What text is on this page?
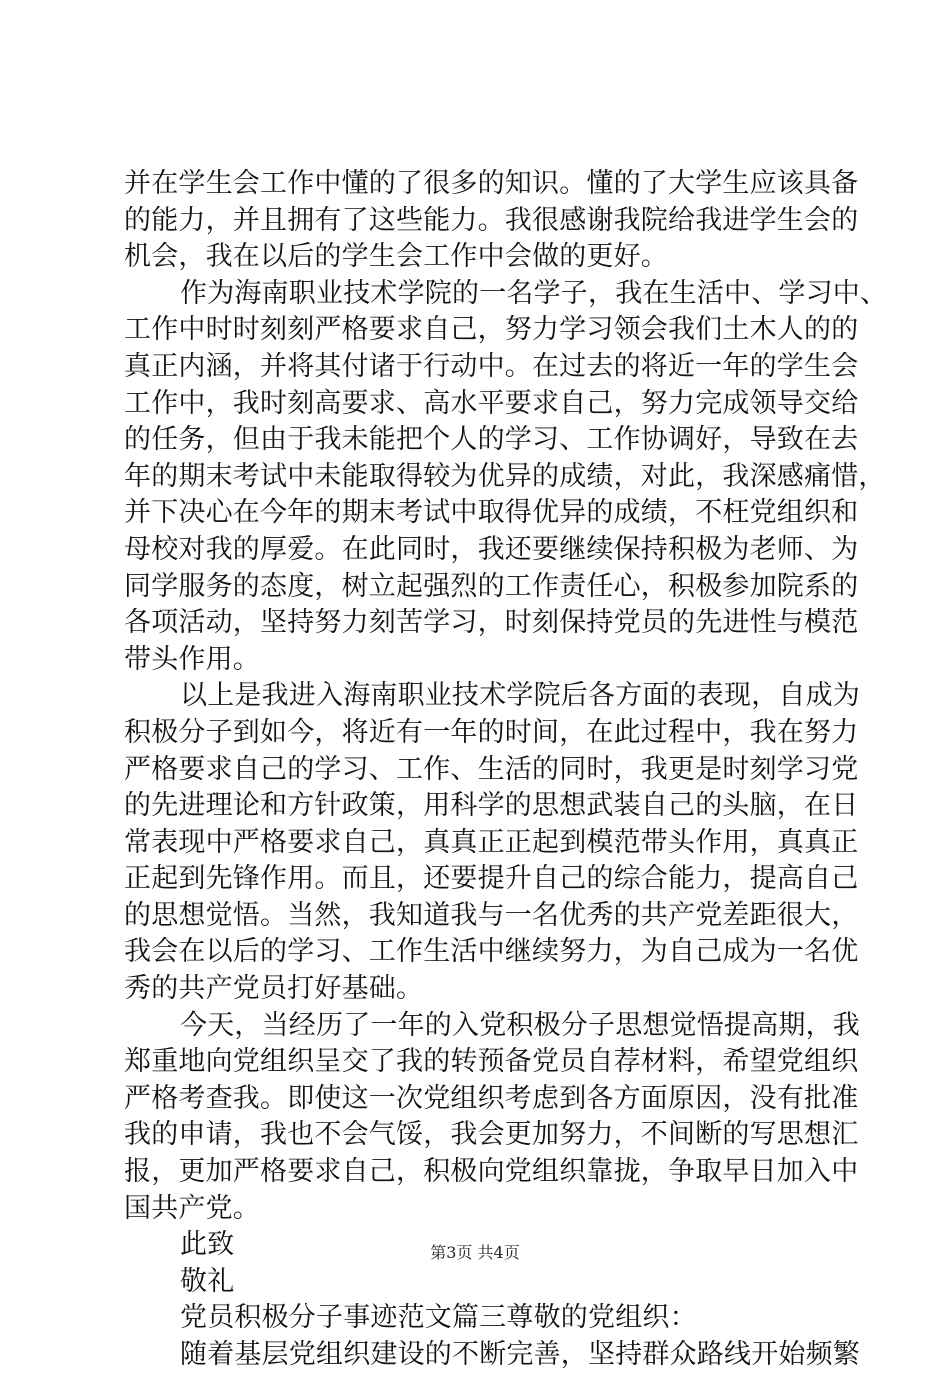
并在学生会工作中懂的了很多的知识。懂的了大学生应该具备
的能力，并且拥有了这些能力。我很感谢我院给我进学生会的
机会，我在以后的学生会工作中会做的更好。
作为海南职业技术学院的一名学子，我在生活中、学习中、
工作中时时刻刻严格要求自己，努力学习领会我们土木人的的
真正内涵，并将其付诸于行动中。在过去的将近一年的学生会
工作中，我时刻高要求、高水平要求自己，努力完成领导交给
的任务，但由于我未能把个人的学习、工作协调好，导致在去
年的期末考试中未能取得较为优异的成绩，对此，我深感痛惜，
并下决心在今年的期末考试中取得优异的成绩，不枉党组织和
母校对我的厚爱。在此同时，我还要继续保持积极为老师、为
同学服务的态度，树立起强烈的工作责任心，积极参加院系的
各项活动，坚持努力刻苦学习，时刻保持党员的先进性与模范
带头作用。
以上是我进入海南职业技术学院后各方面的表现，自成为
积极分子到如今，将近有一年的时间，在此过程中，我在努力
严格要求自己的学习、工作、生活的同时，我更是时刻学习党
的先进理论和方针政策，用科学的思想武装自己的头脑，在日
常表现中严格要求自己，真真正正起到模范带头作用，真真正
正起到先锋作用。而且，还要提升自己的综合能力，提高自己
的思想觉悟。当然，我知道我与一名优秀的共产党差距很大，
我会在以后的学习、工作生活中继续努力，为自己成为一名优
秀的共产党员打好基础。
今天，当经历了一年的入党积极分子思想觉悟提高期，我
郑重地向党组织呈交了我的转预备党员自荐材料，希望党组织
严格考查我。即使这一次党组织考虑到各方面原因，没有批准
我的申请，我也不会气馁，我会更加努力，不间断的写思想汇
报，更加严格要求自己，积极向党组织靠拢，争取早日加入中
国共产党。
此致
敬礼
党员积极分子事迹范文篇三尊敬的党组织：
随着基层党组织建设的不断完善，坚持群众路线开始频繁
第3页 共4页
